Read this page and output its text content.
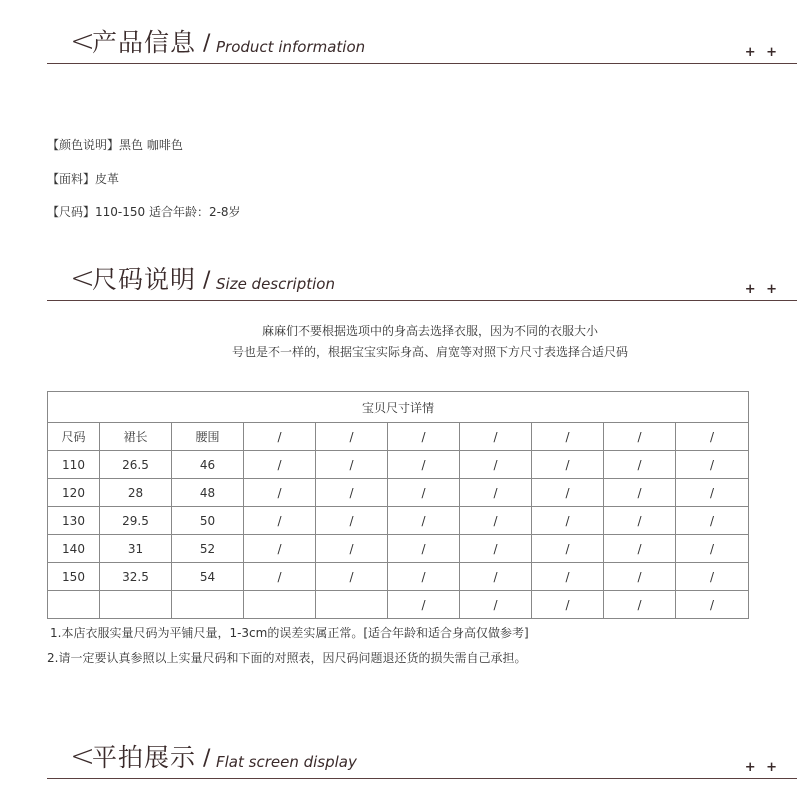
<
产品信息 / Product information	+ +
【颜色说明】黑色 咖啡色
【面料】皮革
【尺码】110-150 适合年龄：2-8岁
<
尺码说明 / Size description	+ +
麻麻们不要根据选项中的身高去选择衣服，因为不同的衣服大小
号也是不一样的，根据宝宝实际身高、肩宽等对照下方尺寸表选择合适尺码
宝贝尺寸详情									
尺码	裙长	腰围	/	/	/	/	/	/	/
110	26.5	46	/	/	/	/	/	/	/
120	28	48	/	/	/	/	/	/	/
130	29.5	50	/	/	/	/	/	/	/
140	31	52	/	/	/	/	/	/	/
150	32.5	54	/	/	/	/	/	/	/
					/	/	/	/	/
1.本店衣服实量尺码为平铺尺量，1-3cm的误差实属正常。[适合年龄和适合身高仅做参考]
2.请一定要认真参照以上实量尺码和下面的对照表，因尺码问题退还货的损失需自己承担。
<
平拍展示 / Flat screen display	+ +
